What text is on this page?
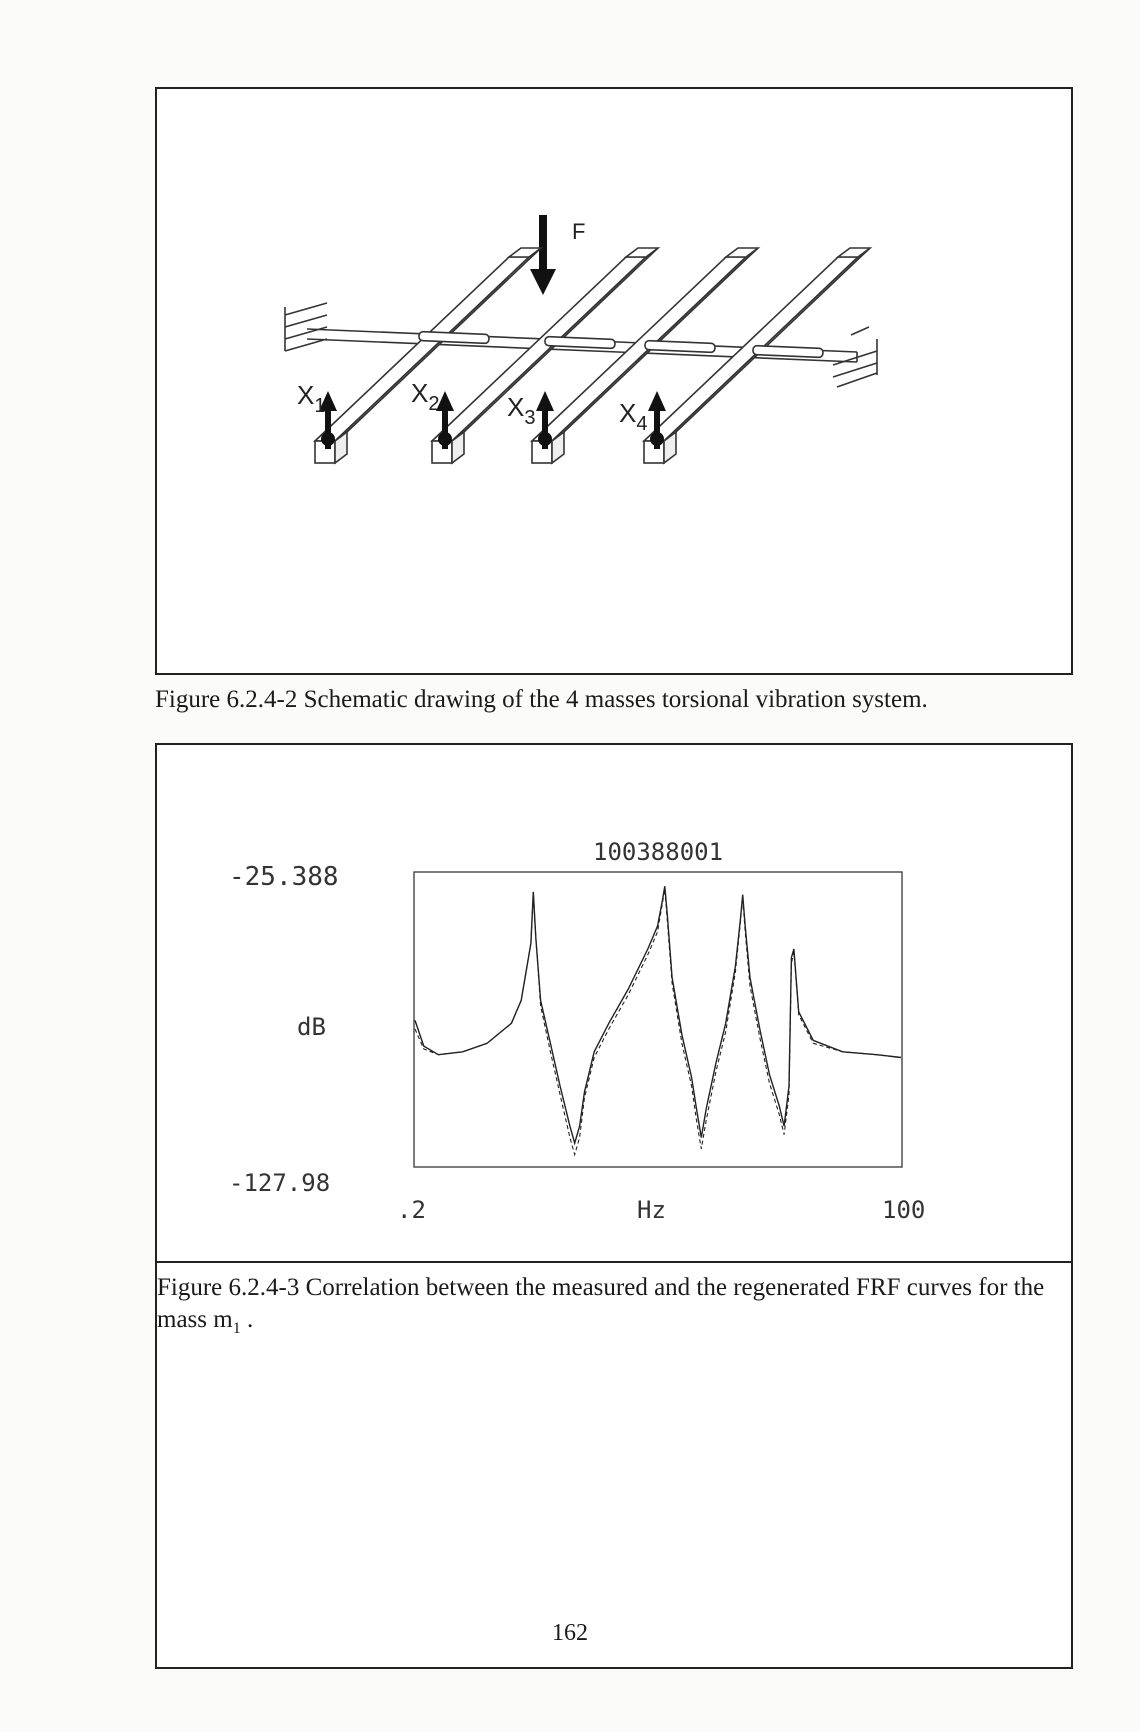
F
$X_1$	$X_2$	$X_3$	$X_4$
Figure 6.2.4-2 Schematic drawing of the 4 masses torsional vibration system.
100388001
-25.388
dB
-127.98
.2	Hz	100
162
Figure 6.2.4-3 Correlation between the measured and the regenerated FRF curves for the mass $m_1$ .
